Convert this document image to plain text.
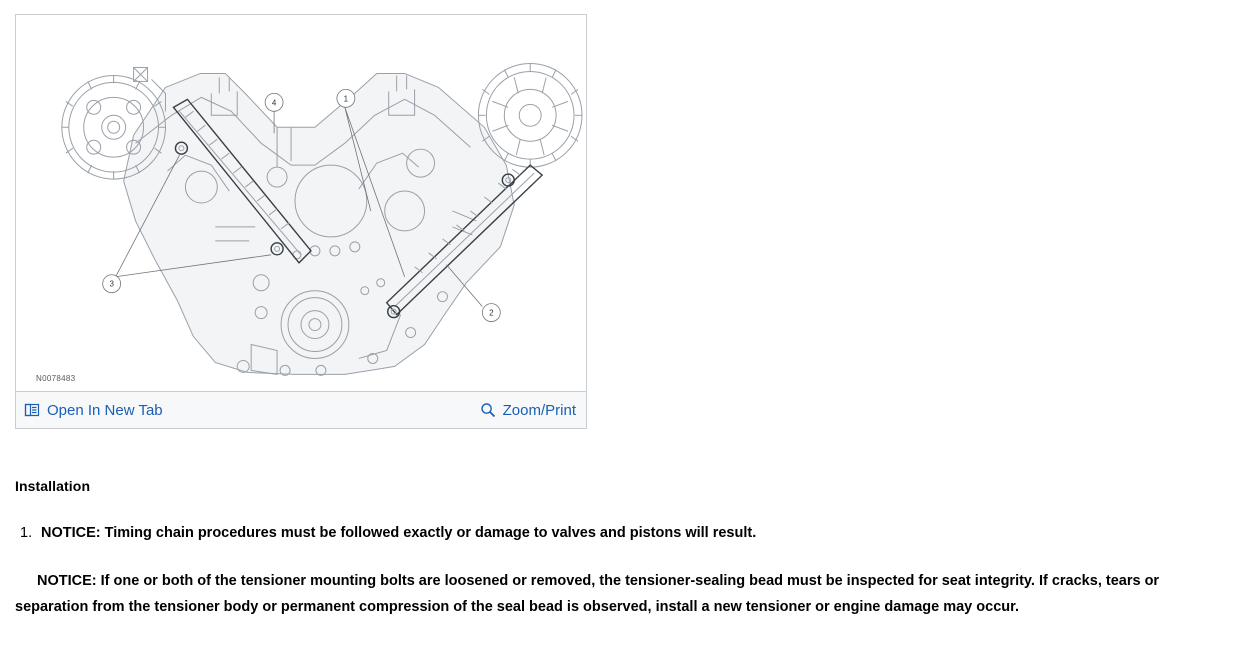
1
2
3
4
N0078483
Open In New Tab	Zoom/Print
Installation
1. NOTICE: Timing chain procedures must be followed exactly or damage to valves and pistons will result.

NOTICE: If one or both of the tensioner mounting bolts are loosened or removed, the tensioner-sealing bead must be inspected for seat integrity. If cracks, tears or separation from the tensioner body or permanent compression of the seal bead is observed, install a new tensioner or engine damage may occur.
